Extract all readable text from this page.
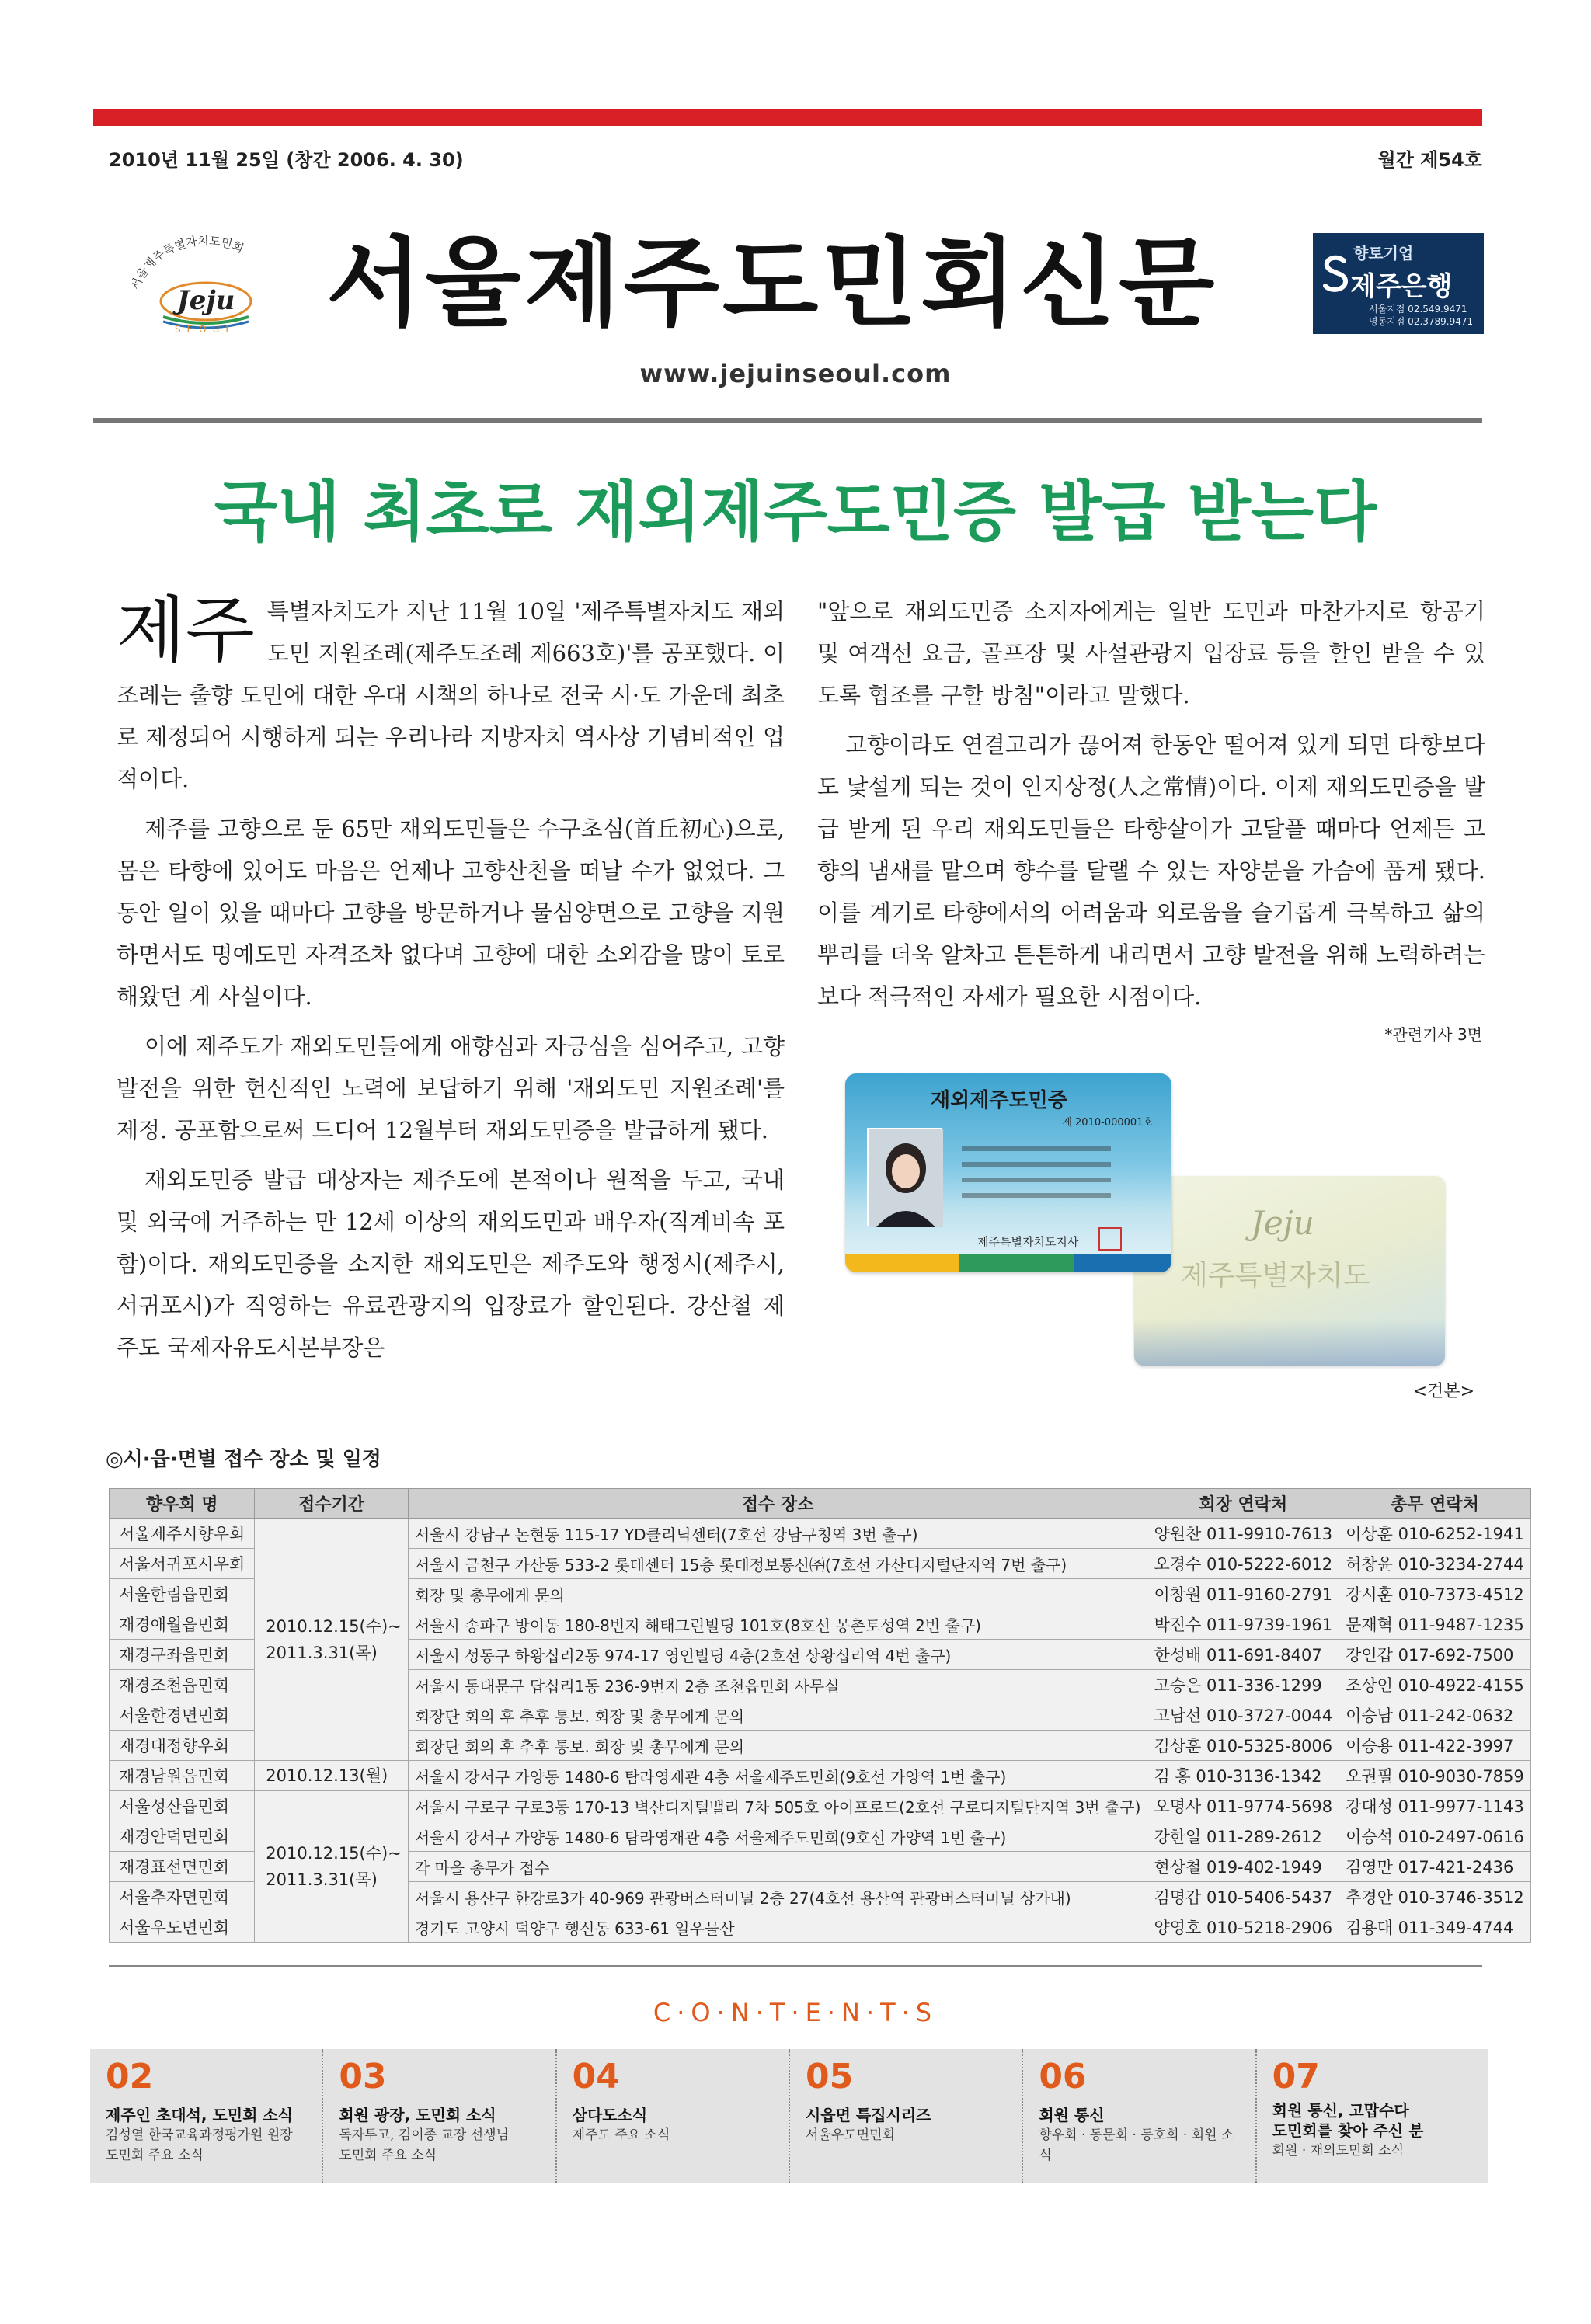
2010년 11월 25일 (창간 2006. 4. 30)	월간 제54호
서울제주특별자치도민회
Jeju
SEOUL 서울제주도민회신문	향토기업
제주은행
서울지점 02.549.9471
명동지점 02.3789.9471
www.jejuinseoul.com
국내 최초로 재외제주도민증 발급 받는다

제주 특별자치도가 지난 11월 10일 '제주특별자치도 재외도민 지원조례(제주도조례 제663호)'를 공포했다. 이 조례는 출향 도민에 대한 우대 시책의 하나로 전국 시·도 가운데 최초로 제정되어 시행하게 되는 우리나라 지방자치 역사상 기념비적인 업적이다.

제주를 고향으로 둔 65만 재외도민들은 수구초심(首丘初心)으로, 몸은 타향에 있어도 마음은 언제나 고향산천을 떠날 수가 없었다. 그동안 일이 있을 때마다 고향을 방문하거나 물심양면으로 고향을 지원하면서도 명예도민 자격조차 없다며 고향에 대한 소외감을 많이 토로해왔던 게 사실이다.

이에 제주도가 재외도민들에게 애향심과 자긍심을 심어주고, 고향발전을 위한 헌신적인 노력에 보답하기 위해 '재외도민 지원조례'를 제정. 공포함으로써 드디어 12월부터 재외도민증을 발급하게 됐다.

재외도민증 발급 대상자는 제주도에 본적이나 원적을 두고, 국내 및 외국에 거주하는 만 12세 이상의 재외도민과 배우자(직계비속 포함)이다. 재외도민증을 소지한 재외도민은 제주도와 행정시(제주시, 서귀포시)가 직영하는 유료관광지의 입장료가 할인된다. 강산철 제주도 국제자유도시본부장은

"앞으로 재외도민증 소지자에게는 일반 도민과 마찬가지로 항공기 및 여객선 요금, 골프장 및 사설관광지 입장료 등을 할인 받을 수 있도록 협조를 구할 방침"이라고 말했다.

고향이라도 연결고리가 끊어져 한동안 떨어져 있게 되면 타향보다도 낯설게 되는 것이 인지상정(人之常情)이다. 이제 재외도민증을 발급 받게 된 우리 재외도민들은 타향살이가 고달플 때마다 언제든 고향의 냄새를 맡으며 향수를 달랠 수 있는 자양분을 가슴에 품게 됐다. 이를 계기로 타향에서의 어려움과 외로움을 슬기롭게 극복하고 삶의 뿌리를 더욱 알차고 튼튼하게 내리면서 고향 발전을 위해 노력하려는 보다 적극적인 자세가 필요한 시점이다.

*관련기사 3면
Jeju
제주특별자치도
재외제주도민증
제 2010-000001호
제주특별자치도지사
<견본>
◎시·읍·면별 접수 장소 및 일정
향우회 명	접수기간	접수 장소	회장 연락처	총무 연락처
서울제주시향우회	2010.12.15(수)~ 2011.3.31(목)	서울시 강남구 논현동 115-17 YD클리닉센터(7호선 강남구청역 3번 출구)	양원찬 011-9910-7613	이상훈 010-6252-1941
서울서귀포시우회		서울시 금천구 가산동 533-2 롯데센터 15층 롯데정보통신㈜(7호선 가산디지털단지역 7번 출구)	오경수 010-5222-6012	허창윤 010-3234-2744
서울한림읍민회		회장 및 총무에게 문의	이창원 011-9160-2791	강시훈 010-7373-4512
재경애월읍민회		서울시 송파구 방이동 180-8번지 해태그린빌딩 101호(8호선 몽촌토성역 2번 출구)	박진수 011-9739-1961	문재혁 011-9487-1235
재경구좌읍민회		서울시 성동구 하왕십리2동 974-17 영인빌딩 4층(2호선 상왕십리역 4번 출구)	한성배 011-691-8407	강인갑 017-692-7500
재경조천읍민회		서울시 동대문구 답십리1동 236-9번지 2층 조천읍민회 사무실	고승은 011-336-1299	조상언 010-4922-4155
서울한경면민회		회장단 회의 후 추후 통보. 회장 및 총무에게 문의	고남선 010-3727-0044	이승남 011-242-0632
재경대정향우회		회장단 회의 후 추후 통보. 회장 및 총무에게 문의	김상훈 010-5325-8006	이승용 011-422-3997
재경남원읍민회	2010.12.13(월)	서울시 강서구 가양동 1480-6 탐라영재관 4층 서울제주도민회(9호선 가양역 1번 출구)	김 홍 010-3136-1342	오권필 010-9030-7859
서울성산읍민회	2010.12.15(수)~ 2011.3.31(목)	서울시 구로구 구로3동 170-13 벽산디지털밸리 7차 505호 아이프로드(2호선 구로디지털단지역 3번 출구)	오명사 011-9774-5698	강대성 011-9977-1143
재경안덕면민회		서울시 강서구 가양동 1480-6 탐라영재관 4층 서울제주도민회(9호선 가양역 1번 출구)	강한일 011-289-2612	이승석 010-2497-0616
재경표선면민회		각 마을 총무가 접수	현상철 019-402-1949	김영만 017-421-2436
서울추자면민회		서울시 용산구 한강로3가 40-969 관광버스터미널 2층 27(4호선 용산역 관광버스터미널 상가내)	김명갑 010-5406-5437	추경안 010-3746-3512
서울우도면민회		경기도 고양시 덕양구 행신동 633-61 일우물산	양영호 010-5218-2906	김용대 011-349-4744
C·O·N·T·E·N·T·S
02
제주인 초대석, 도민회 소식
김성열 한국교육과정평가원 원장
도민회 주요 소식
03
회원 광장, 도민회 소식
독자투고, 김이종 교장 선생님
도민회 주요 소식
04
삼다도소식
제주도 주요 소식
05
시읍면 특집시리즈
서울우도면민회
06
회원 통신
향우회 · 동문회 · 동호회 · 회원 소식
07
회원 통신, 고맙수다
도민회를 찾아 주신 분
회원 · 재외도민회 소식
